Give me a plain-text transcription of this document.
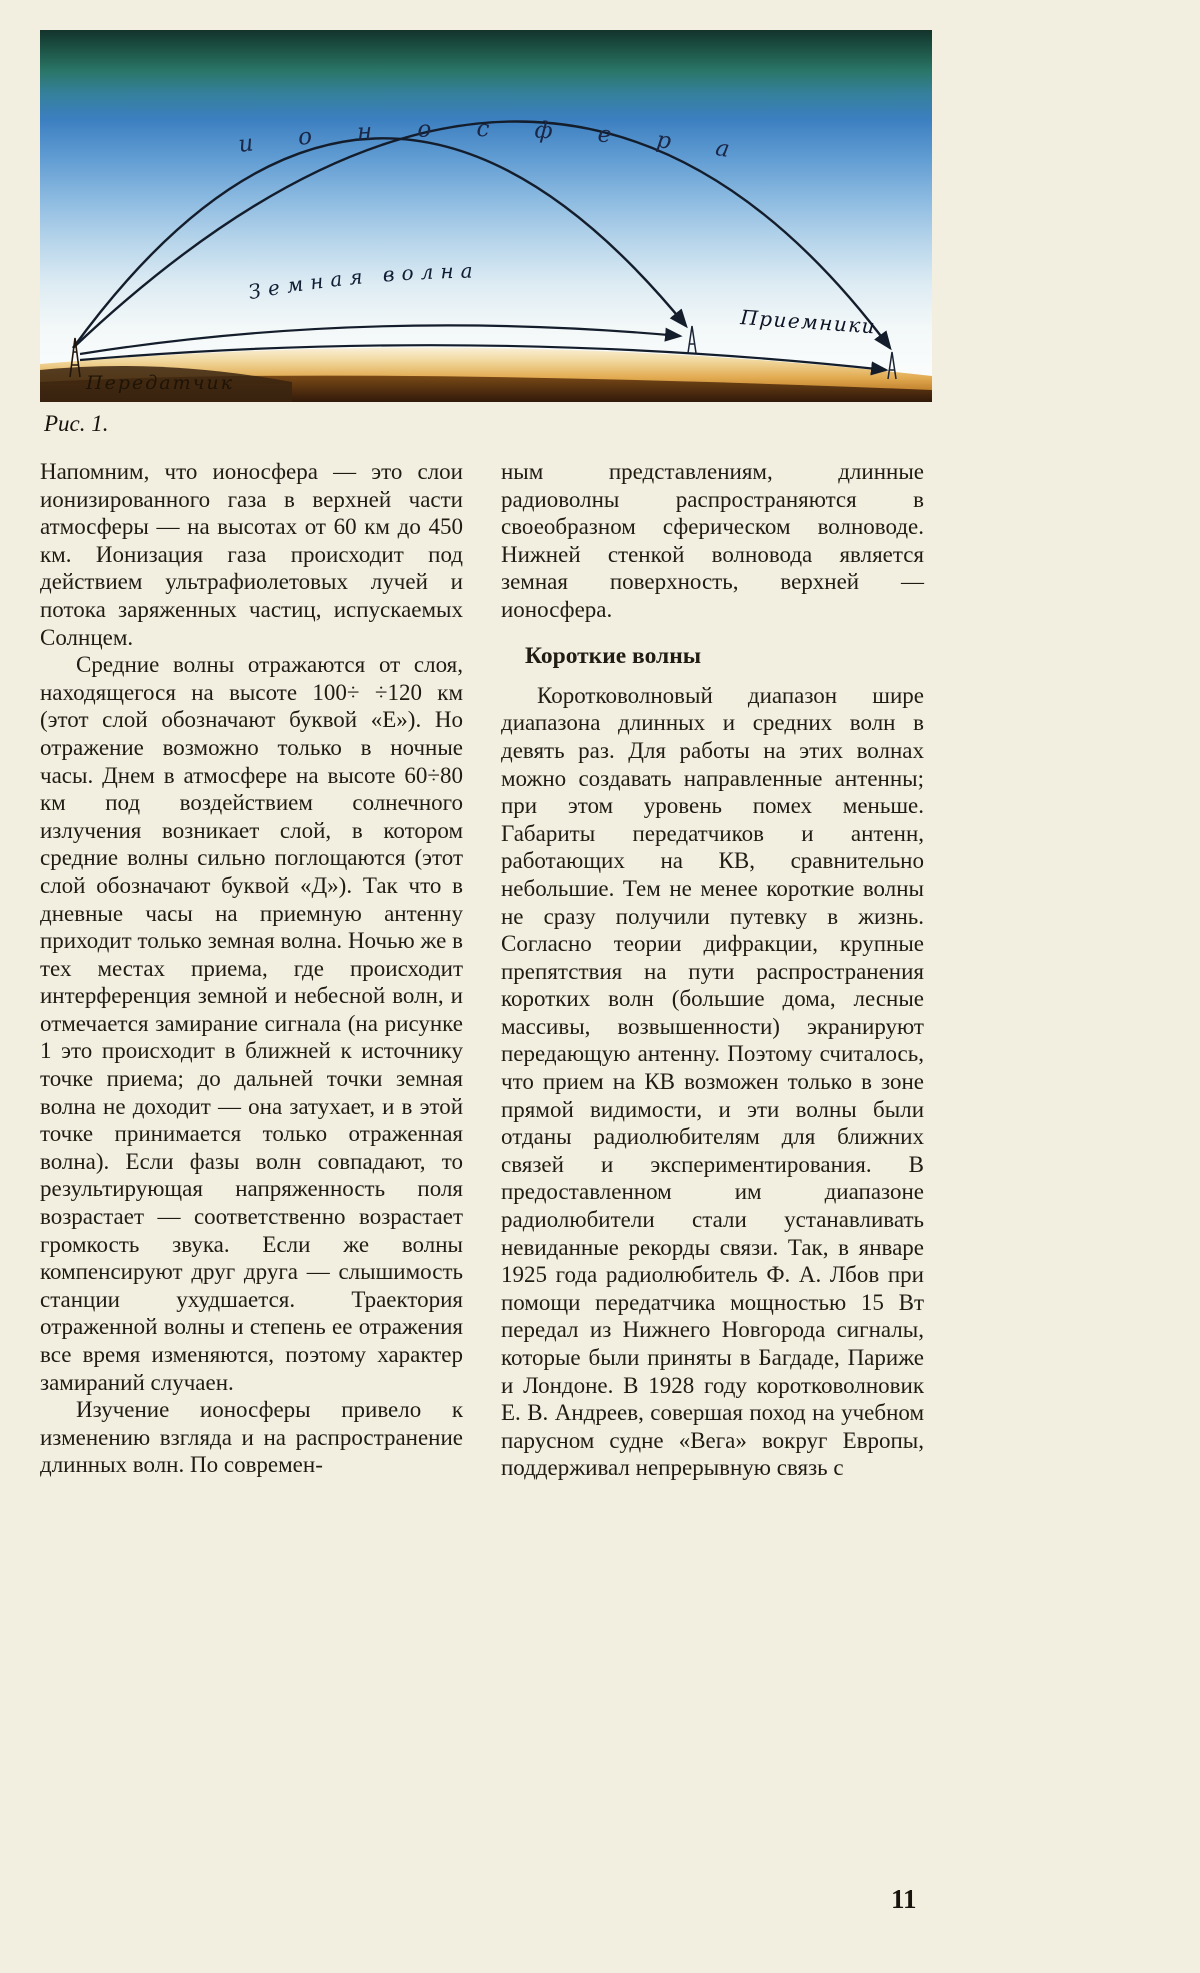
ионосфера
Земная волна
Приемники
Передатчик
Рис. 1.

Напомним, что ионосфера — это слои ионизированного газа в верхней части атмосферы — на высотах от 60 км до 450 км. Ионизация газа происходит под действием ультрафиолетовых лучей и потока заряженных частиц, испускаемых Солнцем.

Средние волны отражаются от слоя, находящегося на высоте 100÷ ÷120 км (этот слой обозначают буквой «Е»). Но отражение возможно только в ночные часы. Днем в атмосфере на высоте 60÷80 км под воздействием солнечного излучения возникает слой, в котором средние волны сильно поглощаются (этот слой обозначают буквой «Д»). Так что в дневные часы на приемную антенну приходит только земная волна. Ночью же в тех местах приема, где происходит интерференция земной и небесной волн, и отмечается замирание сигнала (на рисунке 1 это происходит в ближней к источнику точке приема; до дальней точки земная волна не доходит — она затухает, и в этой точке принимается только отраженная волна). Если фазы волн совпадают, то результирующая напряженность поля возрастает — соответственно возрастает громкость звука. Если же волны компенсируют друг друга — слышимость станции ухудшается. Траектория отраженной волны и степень ее отражения все время изменяются, поэтому характер замираний случаен.

Изучение ионосферы привело к изменению взгляда и на распространение длинных волн. По современ-

ным представлениям, длинные радиоволны распространяются в своеобразном сферическом волноводе. Нижней стенкой волновода является земная поверхность, верхней — ионосфера.

Короткие волны

Коротковолновый диапазон шире диапазона длинных и средних волн в девять раз. Для работы на этих волнах можно создавать направленные антенны; при этом уровень помех меньше. Габариты передатчиков и антенн, работающих на КВ, сравнительно небольшие. Тем не менее короткие волны не сразу получили путевку в жизнь. Согласно теории дифракции, крупные препятствия на пути распространения коротких волн (большие дома, лесные массивы, возвышенности) экранируют передающую антенну. Поэтому считалось, что прием на КВ возможен только в зоне прямой видимости, и эти волны были отданы радиолюбителям для ближних связей и экспериментирования. В предоставленном им диапазоне радиолюбители стали устанавливать невиданные рекорды связи. Так, в январе 1925 года радиолюбитель Ф. А. Лбов при помощи передатчика мощностью 15 Вт передал из Нижнего Новгорода сигналы, которые были приняты в Багдаде, Париже и Лондоне. В 1928 году коротковолновик Е. В. Андреев, совершая поход на учебном парусном судне «Вега» вокруг Европы, поддерживал непрерывную связь с

11
